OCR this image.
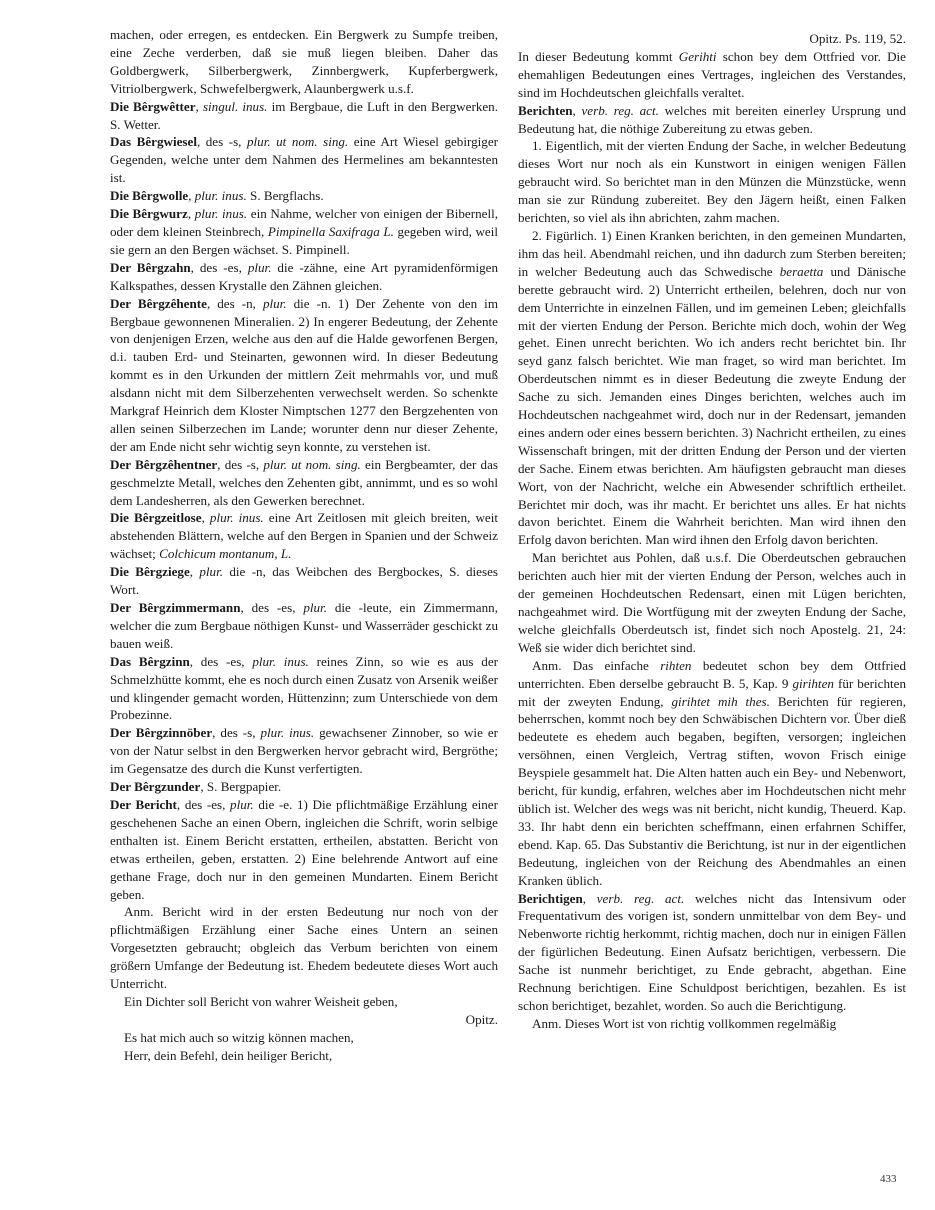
machen, oder erregen, es entdecken. Ein Bergwerk zu Sumpfe treiben, eine Zeche verderben, daß sie muß liegen bleiben. Daher das Goldbergwerk, Silberbergwerk, Zinnbergwerk, Kupferbergwerk, Vitriolbergwerk, Schwefelbergwerk, Alaunbergwerk u.s.f.

Die Bêrgwêtter, singul. inus. im Bergbaue, die Luft in den Bergwerken. S. Wetter.

Das Bêrgwiesel, des -s, plur. ut nom. sing. eine Art Wiesel gebirgiger Gegenden, welche unter dem Nahmen des Hermelines am bekanntesten ist.

Die Bêrgwolle, plur. inus. S. Bergflachs.

Die Bêrgwurz, plur. inus. ein Nahme, welcher von einigen der Bibernell, oder dem kleinen Steinbrech, Pimpinella Saxifraga L. gegeben wird, weil sie gern an den Bergen wächset. S. Pimpinell.

Der Bêrgzahn, des -es, plur. die -zähne, eine Art pyramidenförmigen Kalkspathes, dessen Krystalle den Zähnen gleichen.

Der Bêrgzêhente, des -n, plur. die -n. 1) Der Zehente von den im Bergbaue gewonnenen Mineralien. 2) In engerer Bedeutung, der Zehente von denjenigen Erzen, welche aus den auf die Halde geworfenen Bergen, d.i. tauben Erd- und Steinarten, gewonnen wird. In dieser Bedeutung kommt es in den Urkunden der mittlern Zeit mehrmahls vor, und muß alsdann nicht mit dem Silberzehenten verwechselt werden. So schenkte Markgraf Heinrich dem Kloster Nimptschen 1277 den Bergzehenten von allen seinen Silberzechen im Lande; worunter denn nur dieser Zehente, der am Ende nicht sehr wichtig seyn konnte, zu verstehen ist.

Der Bêrgzêhentner, des -s, plur. ut nom. sing. ein Bergbeamter, der das geschmelzte Metall, welches den Zehenten gibt, annimmt, und es so wohl dem Landesherren, als den Gewerken berechnet.

Die Bêrgzeitlose, plur. inus. eine Art Zeitlosen mit gleich breiten, weit abstehenden Blättern, welche auf den Bergen in Spanien und der Schweiz wächset; Colchicum montanum, L.

Die Bêrgziege, plur. die -n, das Weibchen des Bergbockes, S. dieses Wort.

Der Bêrgzimmermann, des -es, plur. die -leute, ein Zimmermann, welcher die zum Bergbaue nöthigen Kunst- und Wasserräder geschickt zu bauen weiß.

Das Bêrgzinn, des -es, plur. inus. reines Zinn, so wie es aus der Schmelzhütte kommt, ehe es noch durch einen Zusatz von Arsenik weißer und klingender gemacht worden, Hüttenzinn; zum Unterschiede von dem Probezinne.

Der Bêrgzinnöber, des -s, plur. inus. gewachsener Zinnober, so wie er von der Natur selbst in den Bergwerken hervor gebracht wird, Bergröthe; im Gegensatze des durch die Kunst verfertigten.

Der Bêrgzunder, S. Bergpapier.

Der Bericht, des -es, plur. die -e. 1) Die pflichtmäßige Erzählung einer geschehenen Sache an einen Obern, ingleichen die Schrift, worin selbige enthalten ist. Einem Bericht erstatten, ertheilen, abstatten. Bericht von etwas ertheilen, geben, erstatten. 2) Eine belehrende Antwort auf eine gethane Frage, doch nur in den gemeinen Mundarten. Einem Bericht geben.

Anm. Bericht wird in der ersten Bedeutung nur noch von der pflichtmäßigen Erzählung einer Sache eines Untern an seinen Vorgesetzten gebraucht; obgleich das Verbum berichten von einem größern Umfange der Bedeutung ist. Ehedem bedeutete dieses Wort auch Unterricht.

Ein Dichter soll Bericht von wahrer Weisheit geben,

Opitz.

Es hat mich auch so witzig können machen,

Herr, dein Befehl, dein heiliger Bericht,

Opitz. Ps. 119, 52.

In dieser Bedeutung kommt Gerihti schon bey dem Ottfried vor. Die ehemahligen Bedeutungen eines Vertrages, ingleichen des Verstandes, sind im Hochdeutschen gleichfalls veraltet.

Berichten, verb. reg. act. welches mit bereiten einerley Ursprung und Bedeutung hat, die nöthige Zubereitung zu etwas geben.

1. Eigentlich, mit der vierten Endung der Sache, in welcher Bedeutung dieses Wort nur noch als ein Kunstwort in einigen wenigen Fällen gebraucht wird. So berichtet man in den Münzen die Münzstücke, wenn man sie zur Ründung zubereitet. Bey den Jägern heißt, einen Falken berichten, so viel als ihn abrichten, zahm machen.

2. Figürlich. 1) Einen Kranken berichten, in den gemeinen Mundarten, ihm das heil. Abendmahl reichen, und ihn dadurch zum Sterben bereiten; in welcher Bedeutung auch das Schwedische beraetta und Dänische berette gebraucht wird. 2) Unterricht ertheilen, belehren, doch nur von dem Unterrichte in einzelnen Fällen, und im gemeinen Leben; gleichfalls mit der vierten Endung der Person. Berichte mich doch, wohin der Weg gehet. Einen unrecht berichten. Wo ich anders recht berichtet bin. Ihr seyd ganz falsch berichtet. Wie man fraget, so wird man berichtet. Im Oberdeutschen nimmt es in dieser Bedeutung die zweyte Endung der Sache zu sich. Jemanden eines Dinges berichten, welches auch im Hochdeutschen nachgeahmet wird, doch nur in der Redensart, jemanden eines andern oder eines bessern berichten. 3) Nachricht ertheilen, zu eines Wissenschaft bringen, mit der dritten Endung der Person und der vierten der Sache. Einem etwas berichten. Am häufigsten gebraucht man dieses Wort, von der Nachricht, welche ein Abwesender schriftlich ertheilet. Berichtet mir doch, was ihr macht. Er berichtet uns alles. Er hat nichts davon berichtet. Einem die Wahrheit berichten. Man wird ihnen den Erfolg davon berichten. Man wird ihnen den Erfolg davon berichten.

Man berichtet aus Pohlen, daß u.s.f. Die Oberdeutschen gebrauchen berichten auch hier mit der vierten Endung der Person, welches auch in der gemeinen Hochdeutschen Redensart, einen mit Lügen berichten, nachgeahmet wird. Die Wortfügung mit der zweyten Endung der Sache, welche gleichfalls Oberdeutsch ist, findet sich noch Apostelg. 21, 24: Weß sie wider dich berichtet sind.

Anm. Das einfache rihten bedeutet schon bey dem Ottfried unterrichten. Eben derselbe gebraucht B. 5, Kap. 9 girihten für berichten mit der zweyten Endung, girihtet mih thes. Berichten für regieren, beherrschen, kommt noch bey den Schwäbischen Dichtern vor. Über dieß bedeutete es ehedem auch begaben, begiften, versorgen; ingleichen versöhnen, einen Vergleich, Vertrag stiften, wovon Frisch einige Beyspiele gesammelt hat. Die Alten hatten auch ein Bey- und Nebenwort, bericht, für kundig, erfahren, welches aber im Hochdeutschen nicht mehr üblich ist. Welcher des wegs was nit bericht, nicht kundig, Theuerd. Kap. 33. Ihr habt denn ein berichten scheffmann, einen erfahrnen Schiffer, ebend. Kap. 65. Das Substantiv die Berichtung, ist nur in der eigentlichen Bedeutung, ingleichen von der Reichung des Abendmahles an einen Kranken üblich.

Berichtigen, verb. reg. act. welches nicht das Intensivum oder Frequentativum des vorigen ist, sondern unmittelbar von dem Bey- und Nebenworte richtig herkommt, richtig machen, doch nur in einigen Fällen der figürlichen Bedeutung. Einen Aufsatz berichtigen, verbessern. Die Sache ist nunmehr berichtiget, zu Ende gebracht, abgethan. Eine Rechnung berichtigen. Eine Schuldpost berichtigen, bezahlen. Es ist schon berichtiget, bezahlet, worden. So auch die Berichtigung.

Anm. Dieses Wort ist von richtig vollkommen regelmäßig

433
